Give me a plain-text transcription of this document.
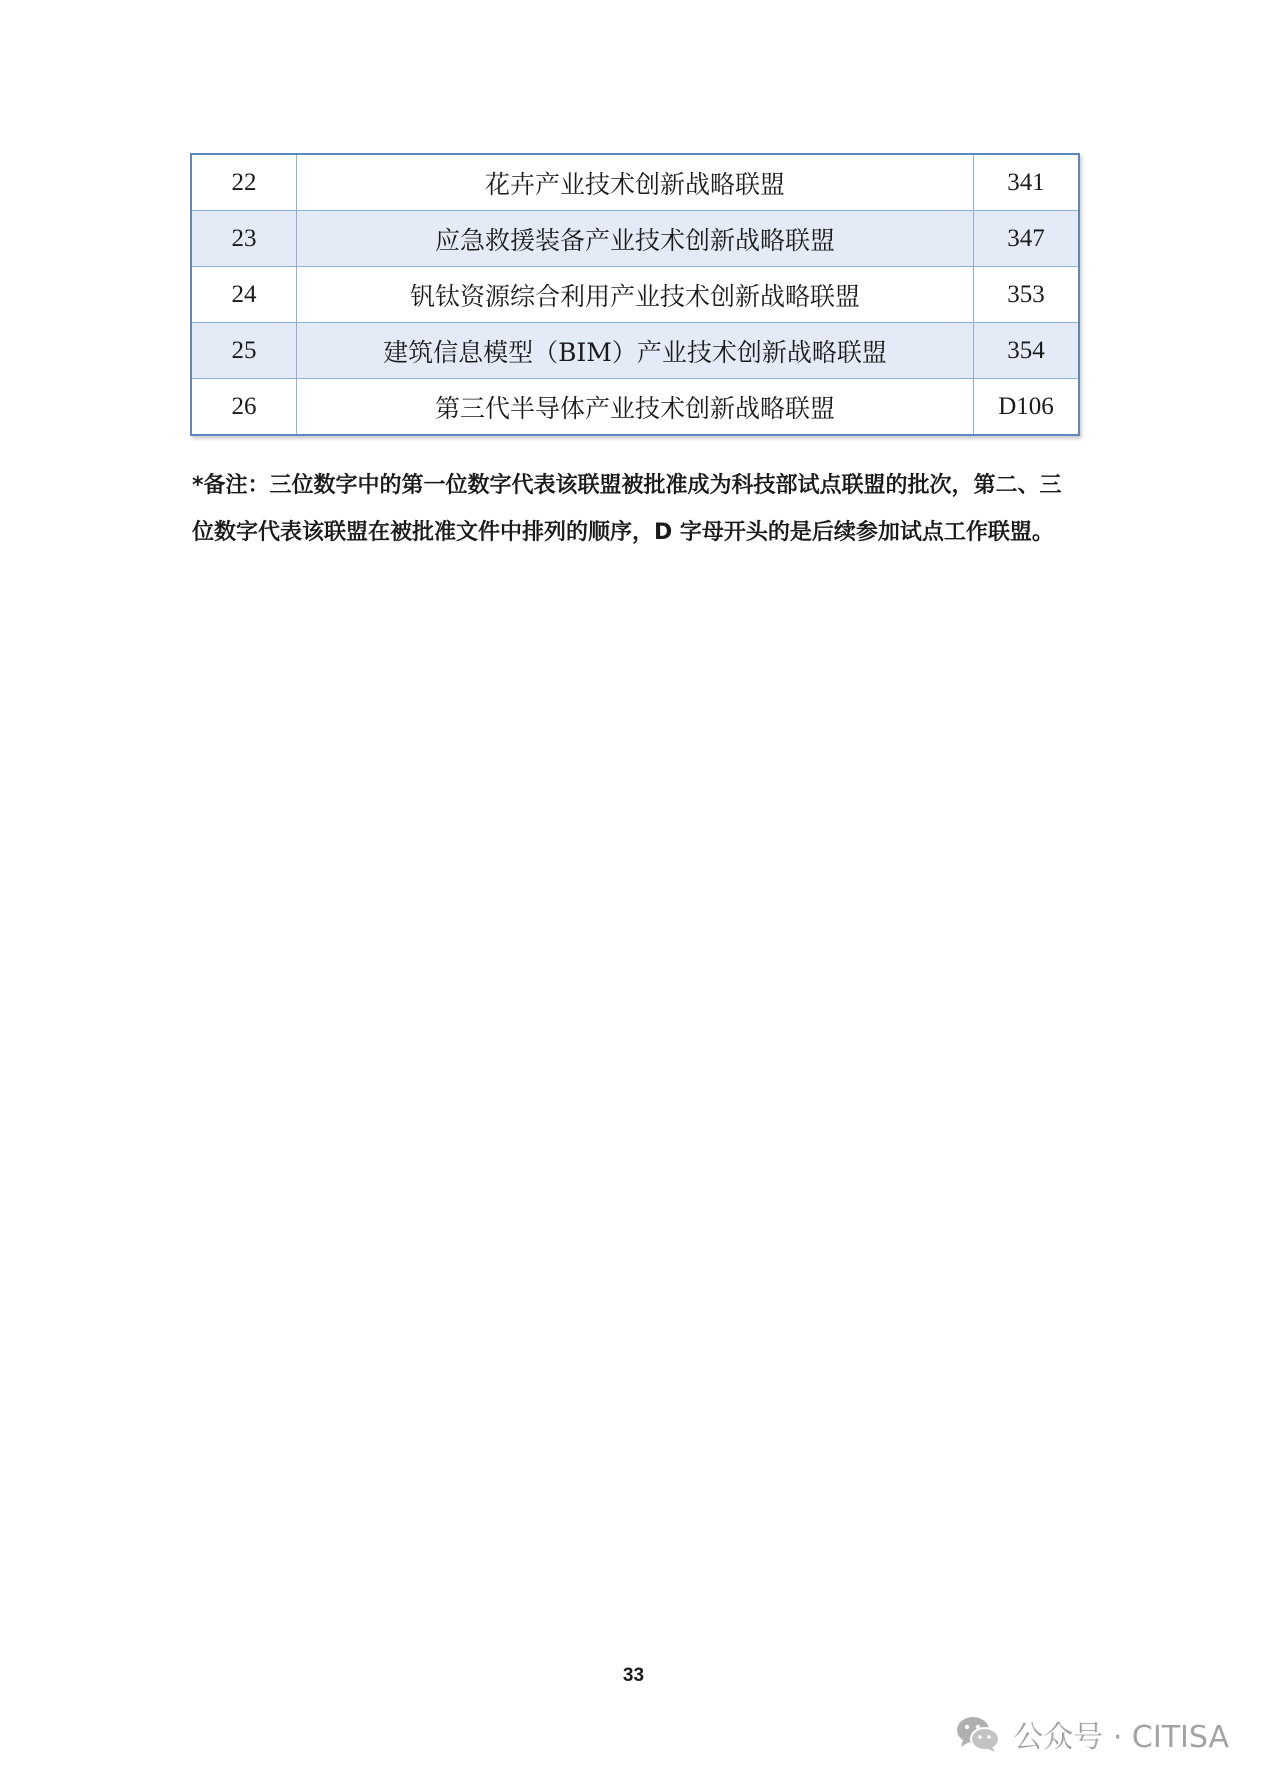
22	花卉产业技术创新战略联盟	341
23	应急救援装备产业技术创新战略联盟	347
24	钒钛资源综合利用产业技术创新战略联盟	353
25	建筑信息模型（BIM）产业技术创新战略联盟	354
26	第三代半导体产业技术创新战略联盟	D106

*备注：三位数字中的第一位数字代表该联盟被批准成为科技部试点联盟的批次，第二、三位数字代表该联盟在被批准文件中排列的顺序，D 字母开头的是后续参加试点工作联盟。

33
公众号 · CITISA
